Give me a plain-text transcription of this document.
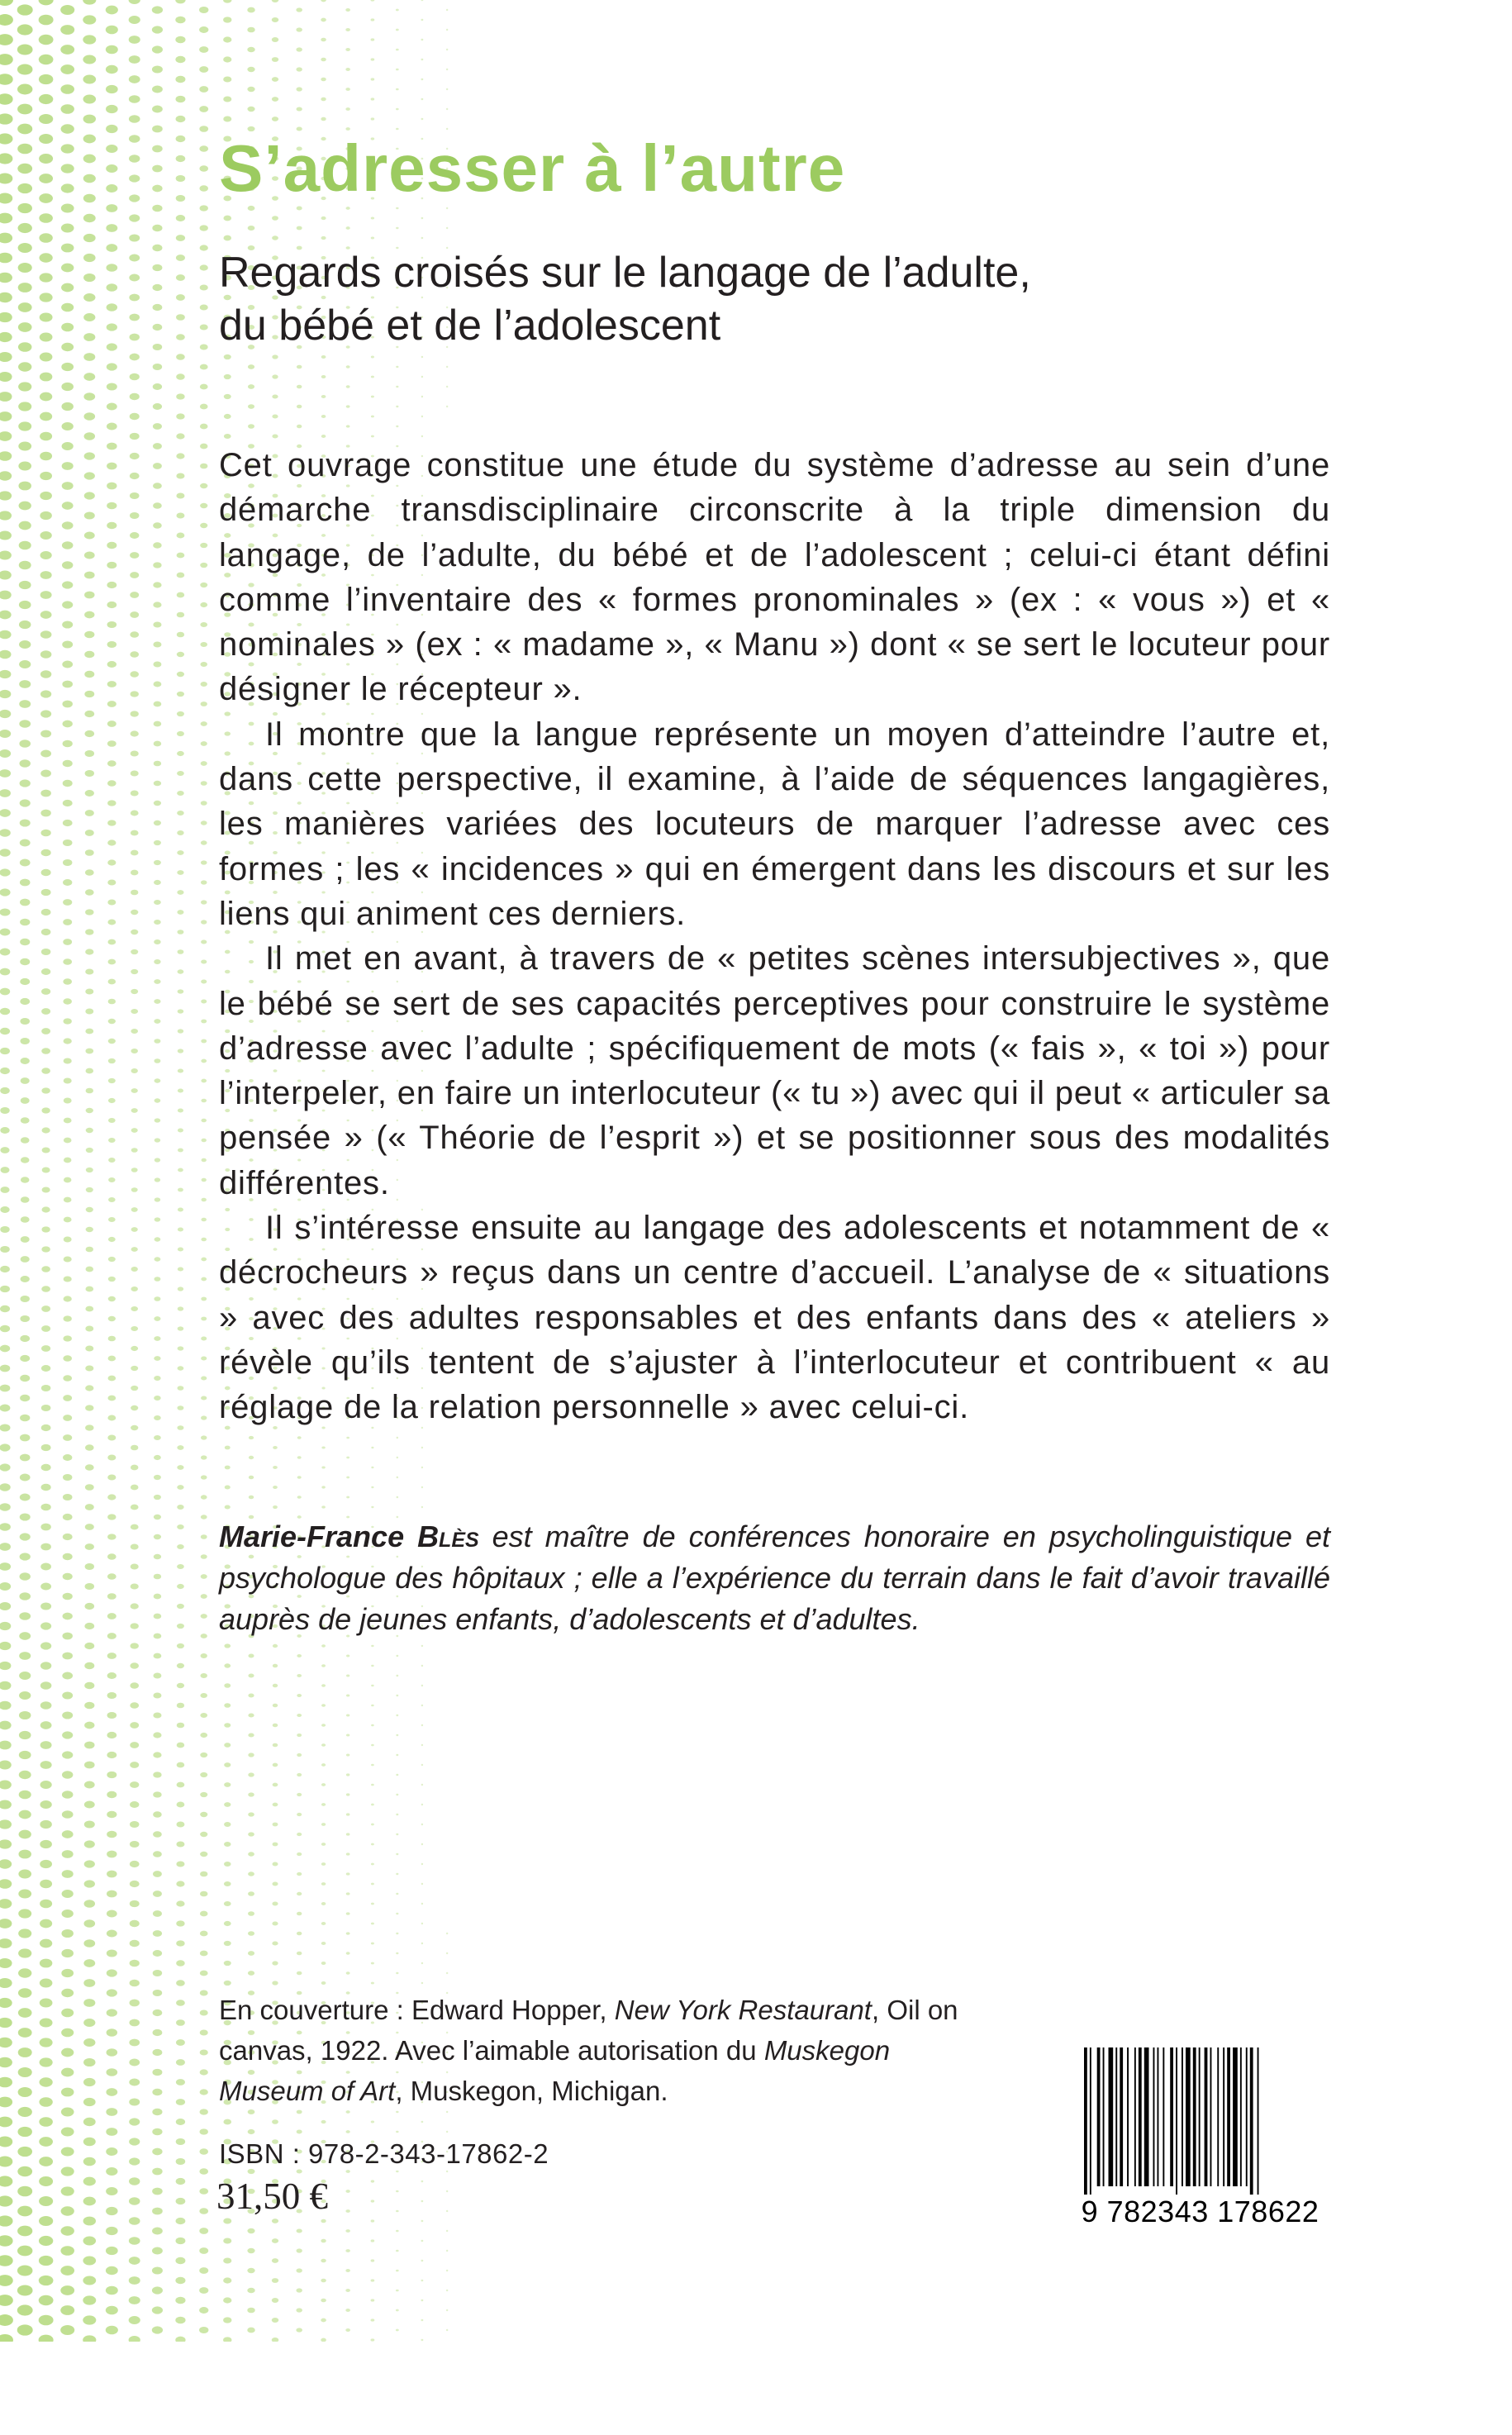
S’adresser à l’autre
Regards croisés sur le langage de l’adulte,
du bébé et de l’adolescent

Cet ouvrage constitue une étude du système d’adresse au sein d’une démarche transdisciplinaire circonscrite à la triple dimension du langage, de l’adulte, du bébé et de l’adolescent ; celui-ci étant défini comme l’inventaire des « formes pronominales » (ex : « vous ») et « nominales » (ex : « madame », « Manu ») dont « se sert le locuteur pour désigner le récepteur ».

Il montre que la langue représente un moyen d’atteindre l’autre et, dans cette perspective, il examine, à l’aide de séquences langagières, les manières variées des locuteurs de marquer l’adresse avec ces formes ; les « incidences » qui en émergent dans les discours et sur les liens qui animent ces derniers.

Il met en avant, à travers de « petites scènes intersubjectives », que le bébé se sert de ses capacités perceptives pour construire le système d’adresse avec l’adulte ; spécifiquement de mots (« fais », « toi ») pour l’interpeler, en faire un interlocuteur (« tu ») avec qui il peut « articuler sa pensée » (« Théorie de l’esprit ») et se positionner sous des modalités différentes.

Il s’intéresse ensuite au langage des adolescents et notamment de « décrocheurs » reçus dans un centre d’accueil. L’analyse de « situations » avec des adultes responsables et des enfants dans des « ateliers » révèle qu’ils tentent de s’ajuster à l’interlocuteur et contribuent « au réglage de la relation personnelle » avec celui-ci.

Marie-France Blès est maître de conférences honoraire en psycholinguistique et psychologue des hôpitaux ; elle a l’expérience du terrain dans le fait d’avoir travaillé auprès de jeunes enfants, d’adolescents et d’adultes.
En couverture : Edward Hopper, New York Restaurant, Oil on canvas, 1922. Avec l’aimable autorisation du Muskegon Museum of Art, Muskegon, Michigan.
ISBN : 978-2-343-17862-2
31,50 €	9 782343 178622
